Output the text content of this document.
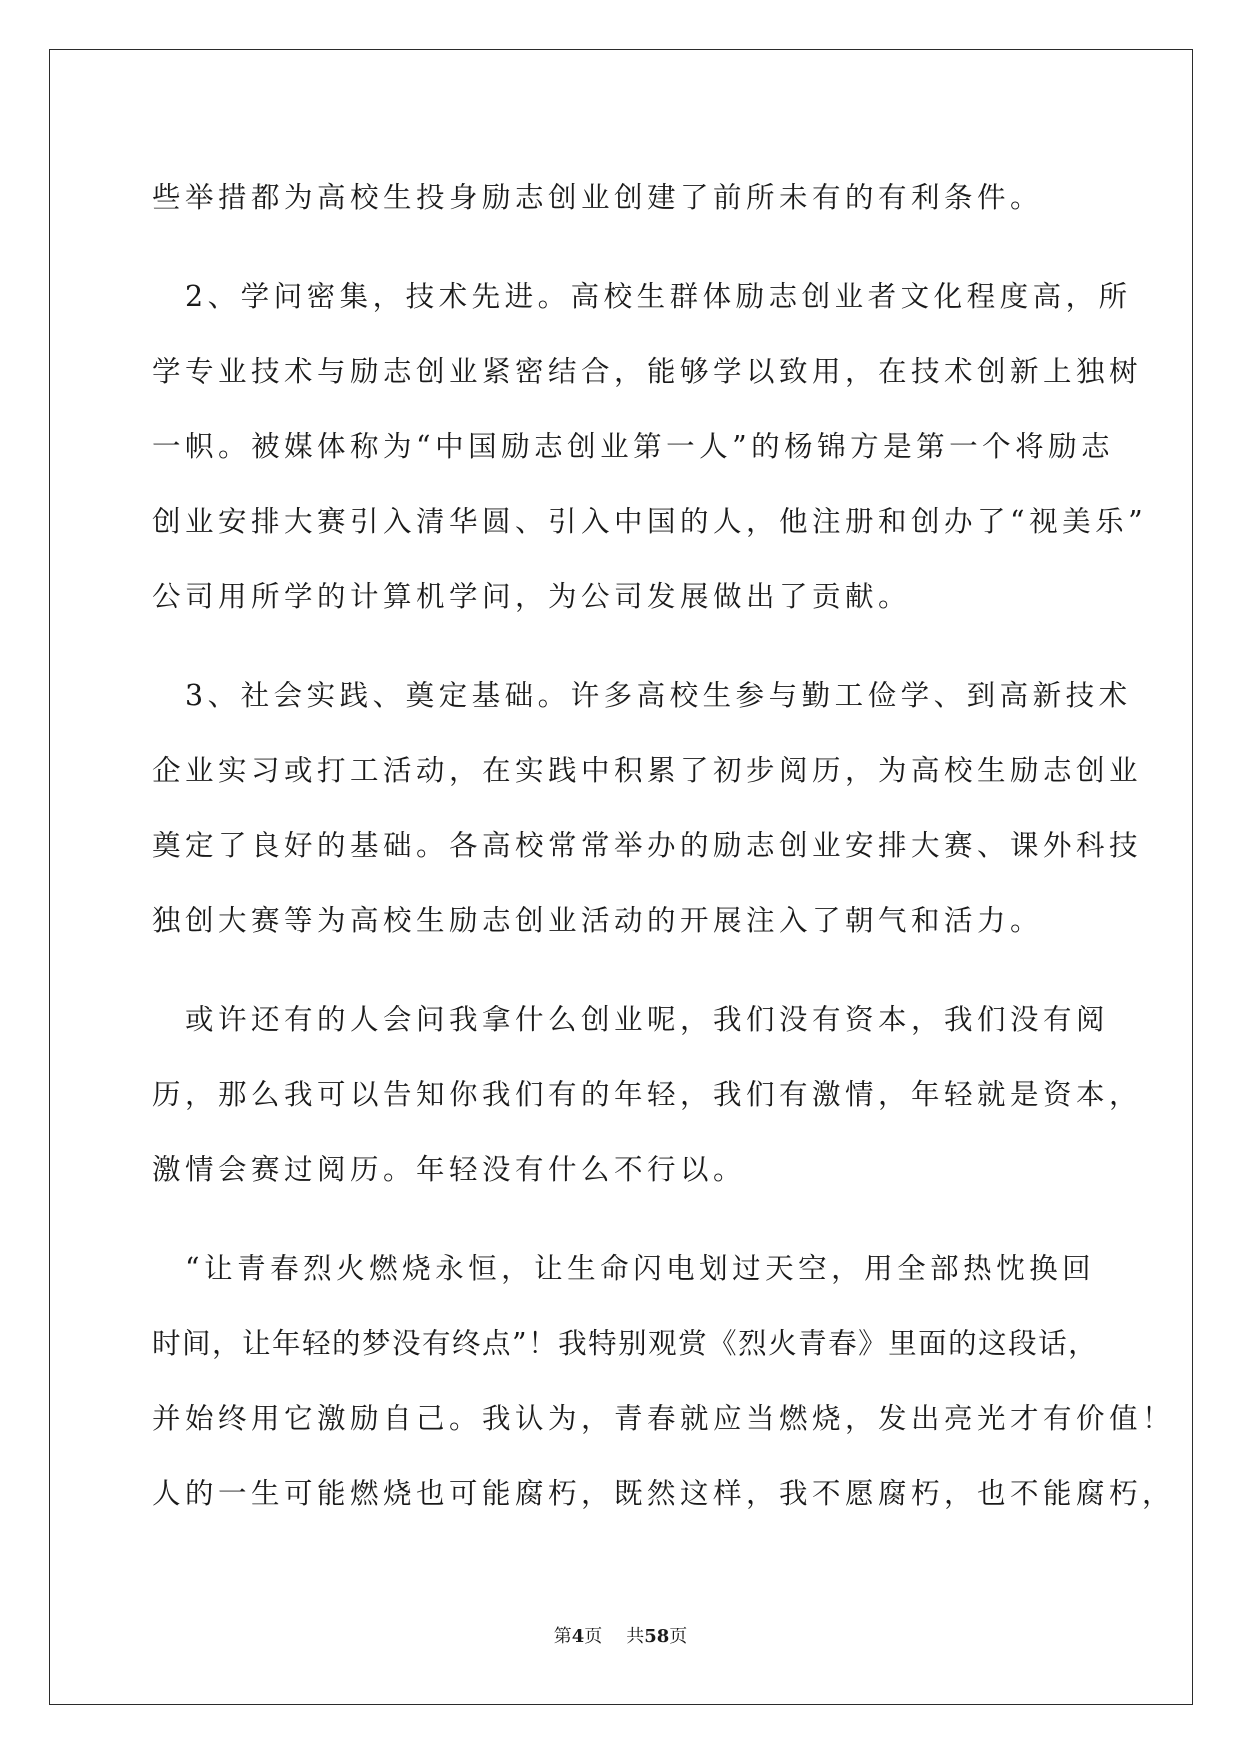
些举措都为高校生投身励志创业创建了前所未有的有利条件。
　2、学问密集，技术先进。高校生群体励志创业者文化程度高，所
学专业技术与励志创业紧密结合，能够学以致用，在技术创新上独树
一帜。被媒体称为“中国励志创业第一人”的杨锦方是第一个将励志
创业安排大赛引入清华圆、引入中国的人，他注册和创办了“视美乐”
公司用所学的计算机学问，为公司发展做出了贡献。
　3、社会实践、奠定基础。许多高校生参与勤工俭学、到高新技术
企业实习或打工活动，在实践中积累了初步阅历，为高校生励志创业
奠定了良好的基础。各高校常常举办的励志创业安排大赛、课外科技
独创大赛等为高校生励志创业活动的开展注入了朝气和活力。
　或许还有的人会问我拿什么创业呢，我们没有资本，我们没有阅
历，那么我可以告知你我们有的年轻，我们有激情，年轻就是资本，
激情会赛过阅历。年轻没有什么不行以。
　“让青春烈火燃烧永恒，让生命闪电划过天空，用全部热忱换回
时间，让年轻的梦没有终点”！我特别观赏《烈火青春》里面的这段话，
并始终用它激励自己。我认为，青春就应当燃烧，发出亮光才有价值！
人的一生可能燃烧也可能腐朽，既然这样，我不愿腐朽，也不能腐朽，
第4页 共58页
